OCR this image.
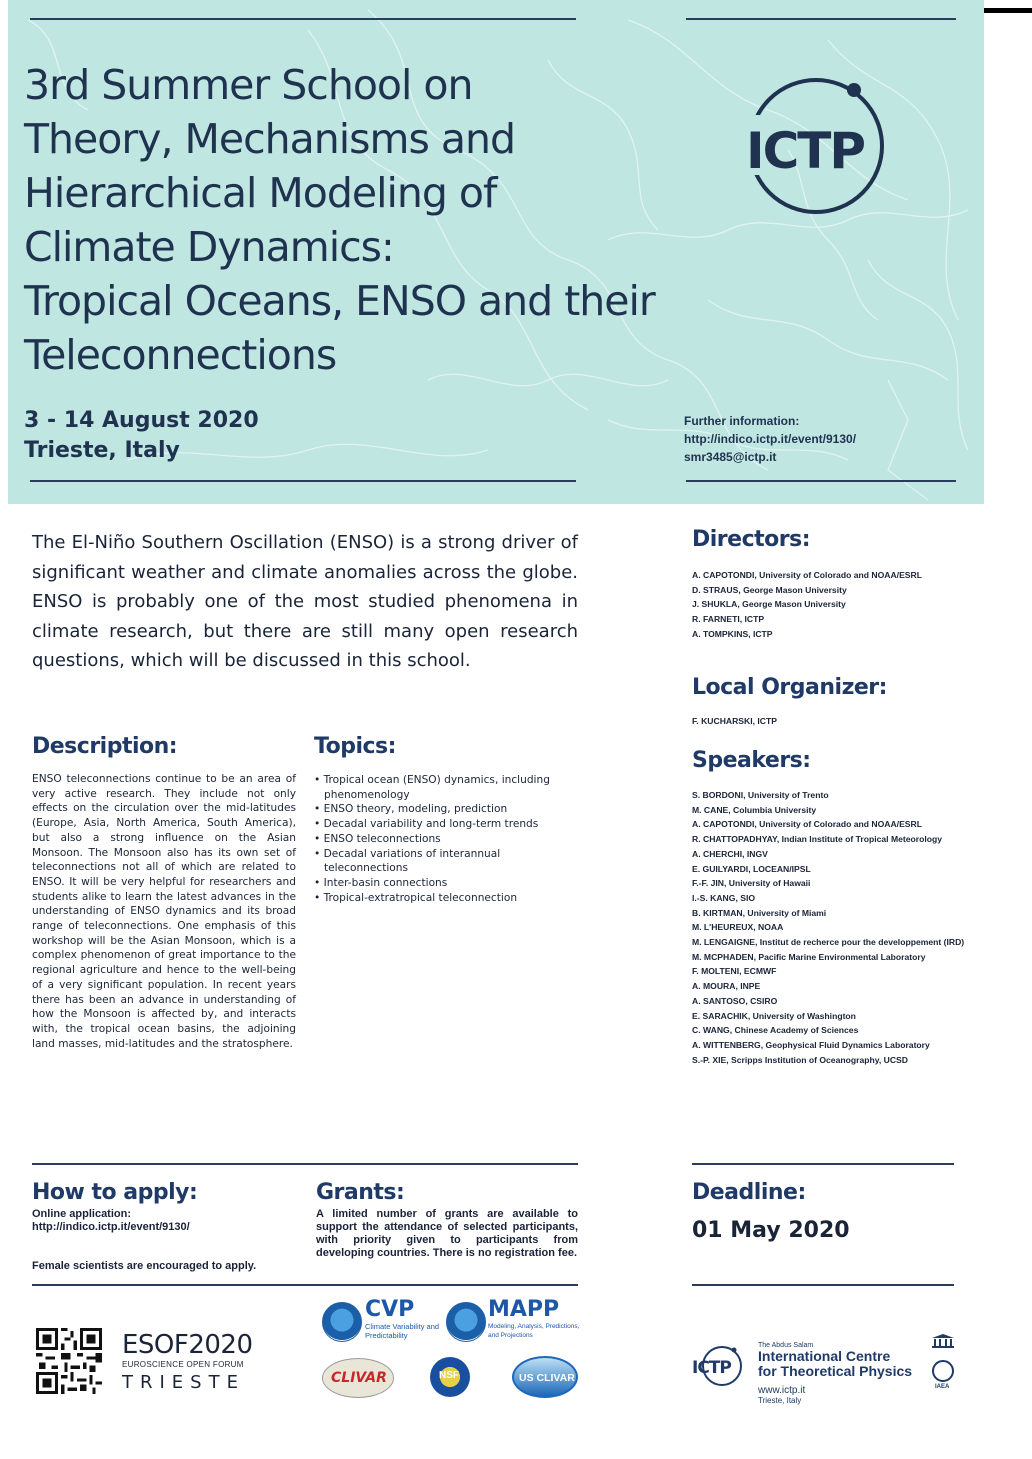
3rd Summer School on
Theory, Mechanisms and
Hierarchical Modeling of
Climate Dynamics:
Tropical Oceans, ENSO and their
Teleconnections
ICTP
3 - 14 August 2020
Trieste, Italy
Further information:
http://indico.ictp.it/event/9130/
smr3485@ictp.it
The El-Niño Southern Oscillation (ENSO) is a strong driver of significant weather and climate anomalies across the globe. ENSO is probably one of the most studied phenomena in climate research, but there are still many open research questions, which will be discussed in this school.
Description:
ENSO teleconnections continue to be an area of very active research. They include not only effects on the circulation over the mid-latitudes (Europe, Asia, North America, South America), but also a strong influence on the Asian Monsoon. The Monsoon also has its own set of teleconnections not all of which are related to ENSO. It will be very helpful for researchers and students alike to learn the latest advances in the understanding of ENSO dynamics and its broad range of teleconnections. One emphasis of this workshop will be the Asian Monsoon, which is a complex phenomenon of great importance to the regional agriculture and hence to the well-being of a very significant population. In recent years there has been an advance in understanding of how the Monsoon is affected by, and interacts with, the tropical ocean basins, the adjoining land masses, mid-latitudes and the stratosphere.
Topics:
• Tropical ocean (ENSO) dynamics, including phenomenology
• ENSO theory, modeling, prediction
• Decadal variability and long-term trends
• ENSO teleconnections
• Decadal variations of interannual teleconnections
• Inter-basin connections
• Tropical-extratropical teleconnection
Directors:
A. CAPOTONDI, University of Colorado and NOAA/ESRL
D. STRAUS, George Mason University
J. SHUKLA, George Mason University
R. FARNETI, ICTP
A. TOMPKINS, ICTP
Local Organizer:
F. KUCHARSKI, ICTP
Speakers:
S. BORDONI, University of Trento
M. CANE, Columbia University
A. CAPOTONDI, University of Colorado and NOAA/ESRL
R. CHATTOPADHYAY, Indian Institute of Tropical Meteorology
A. CHERCHI, INGV
E. GUILYARDI, LOCEAN/IPSL
F.-F. JIN, University of Hawaii
I.-S. KANG, SIO
B. KIRTMAN, University of Miami
M. L'HEUREUX, NOAA
M. LENGAIGNE, Institut de recherce pour the developpement (IRD)
M. MCPHADEN, Pacific Marine Environmental Laboratory
F. MOLTENI, ECMWF
A. MOURA, INPE
A. SANTOSO, CSIRO
E. SARACHIK, University of Washington
C. WANG, Chinese Academy of Sciences
A. WITTENBERG, Geophysical Fluid Dynamics Laboratory
S.-P. XIE, Scripps Institution of Oceanography, UCSD
How to apply:
Online application:
http://indico.ictp.it/event/9130/
Female scientists are encouraged to apply.
Grants:
A limited number of grants are available to support the attendance of selected participants, with priority given to participants from developing countries. There is no registration fee.
Deadline:
01 May 2020
ESOF2020
EUROSCIENCE OPEN FORUM
TRIESTE
CVP
Climate Variability and Predictability
MAPP
Modeling, Analysis, Predictions, and Projections
CLIVAR	NSF	US CLIVAR	ICTP
The Abdus Salam
International Centre
for Theoretical Physics
www.ictp.it
Trieste, Italy
IAEA
